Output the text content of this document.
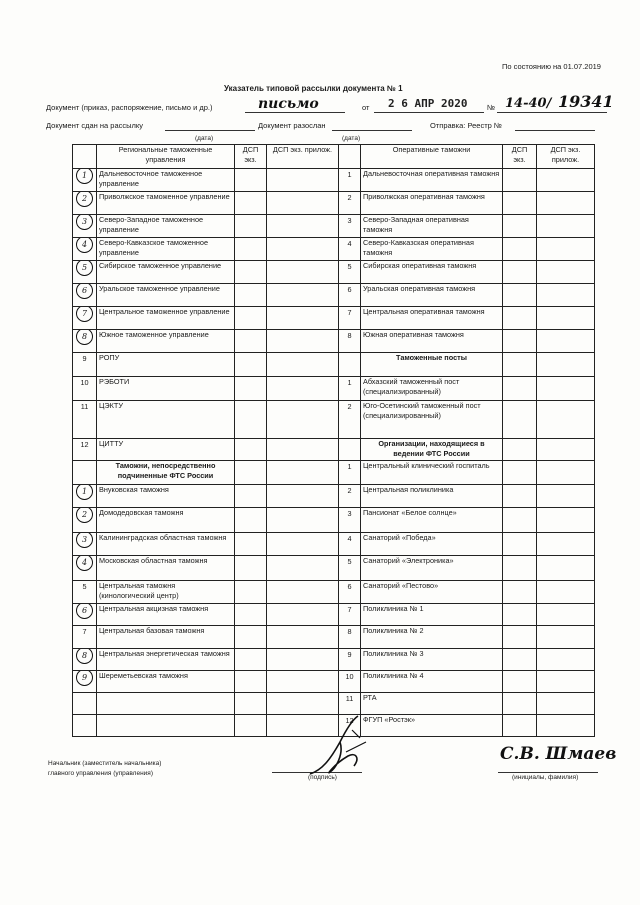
По состоянию на 01.07.2019
Указатель типовой рассылки документа № 1
Документ (приказ, распоряжение, письмо и др.)	письмо	от 2 6 АПР 2020	№ 14-40/ 19341
Документ сдан на рассылку	Документ разослан	Отправка: Реестр №
(дата)	(дата)
	Региональные таможенные управления	ДСП экз.	ДСП экз. прилож.		Оперативные таможни	ДСП экз.	ДСП экз. прилож.
1	Дальневосточное таможенное управление			1	Дальневосточная оперативная таможня		
2	Приволжское таможенное управление			2	Приволжская оперативная таможня		
3	Северо-Западное таможенное управление			3	Северо-Западная оперативная таможня		
4	Северо-Кавказское таможенное управление			4	Северо-Кавказская оперативная таможня		
5	Сибирское таможенное управление			5	Сибирская оперативная таможня		
6	Уральское таможенное управление			6	Уральская оперативная таможня		
7	Центральное таможенное управление			7	Центральная оперативная таможня		
8	Южное таможенное управление			8	Южная оперативная таможня		
9	РОПУ				Таможенные посты		
10	РЭБОТИ			1	Абхазский таможенный пост (специализированный)		
11	ЦЭКТУ			2	Юго-Осетинский таможенный пост (специализированный)		
12	ЦИТТУ				Организации, находящиеся в ведении ФТС России		
	Таможни, непосредственно подчиненные ФТС России			1	Центральный клинический госпиталь		
1	Внуковская таможня			2	Центральная поликлиника		
2	Домодедовская таможня			3	Пансионат «Белое солнце»		
3	Калининградская областная таможня			4	Санаторий «Победа»		
4	Московская областная таможня			5	Санаторий «Электроника»		
5	Центральная таможня (кинологический центр)			6	Санаторий «Пестово»		
6	Центральная акцизная таможня			7	Поликлиника № 1		
7	Центральная базовая таможня			8	Поликлиника № 2		
8	Центральная энергетическая таможня			9	Поликлиника № 3		
9	Шереметьевская таможня			10	Поликлиника № 4		
				11	РТА		
				12	ФГУП «Ростэк»		
Начальник (заместитель начальника)
главного управления (управления)
(подпись)
С.В. Шмаев
(инициалы, фамилия)
